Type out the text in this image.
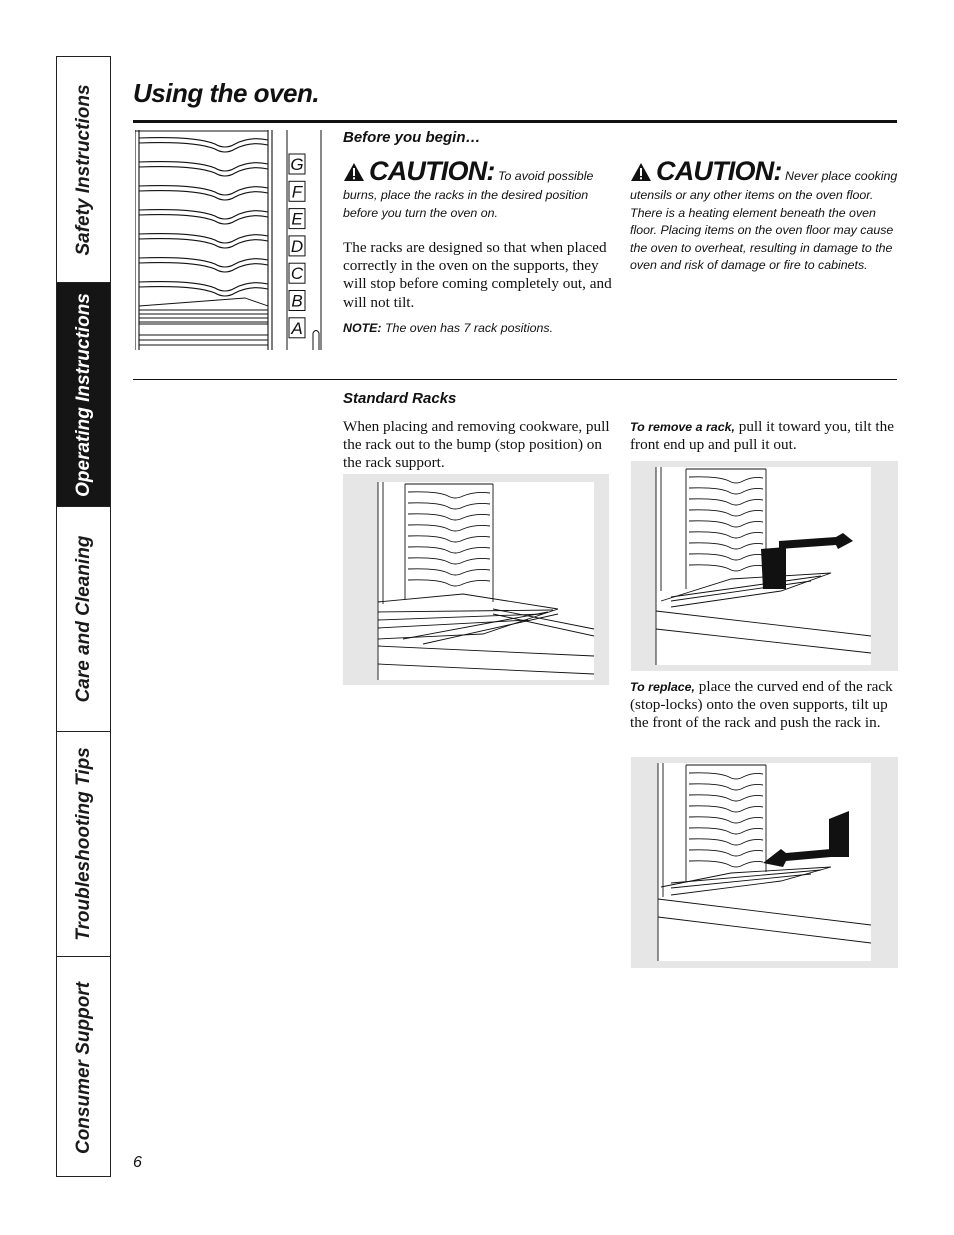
Safety Instructions
Operating Instructions
Care and Cleaning
Troubleshooting Tips
Consumer Support
Using the oven.
G
F
E
D
C
B
A
Before you begin…
CAUTION: To avoid possible burns, place the racks in the desired position before you turn the oven on.
The racks are designed so that when placed correctly in the oven on the supports, they will stop before coming completely out, and will not tilt.
NOTE: The oven has 7 rack positions.
CAUTION: Never place cooking utensils or any other items on the oven floor. There is a heating element beneath the oven floor. Placing items on the oven floor may cause the oven to overheat, resulting in damage to the oven and risk of damage or fire to cabinets.
Standard Racks
When placing and removing cookware, pull the rack out to the bump (stop position) on the rack support.
To remove a rack, pull it toward you, tilt the front end up and pull it out.
To replace, place the curved end of the rack (stop-locks) onto the oven supports, tilt up the front of the rack and push the rack in.
6
